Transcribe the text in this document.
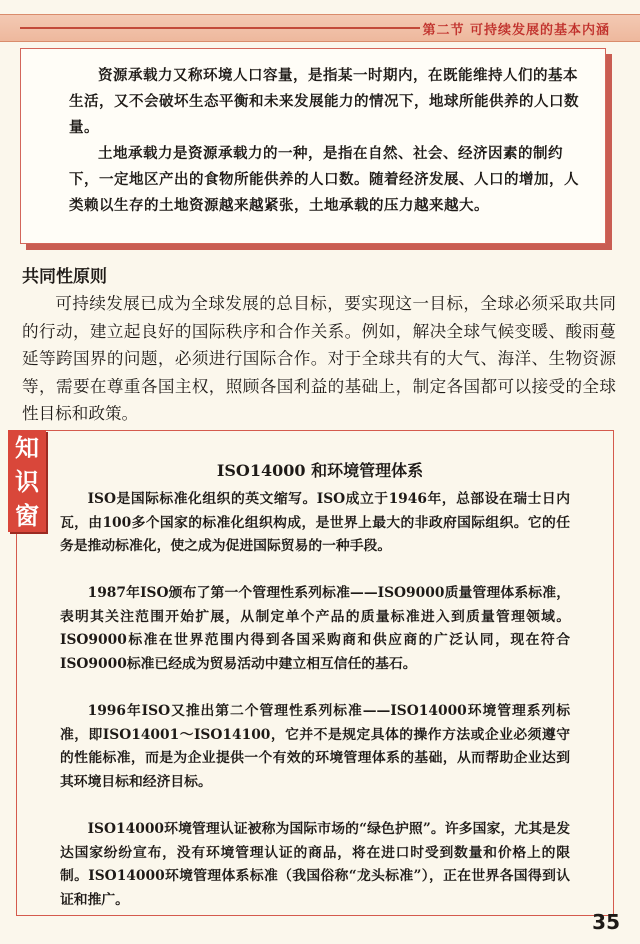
第二节 可持续发展的基本内涵

资源承载力又称环境人口容量，是指某一时期内，在既能维持人们的基本生活，又不会破坏生态平衡和未来发展能力的情况下，地球所能供养的人口数量。

土地承载力是资源承载力的一种，是指在自然、社会、经济因素的制约下，一定地区产出的食物所能供养的人口数。随着经济发展、人口的增加，人类赖以生存的土地资源越来越紧张，土地承载的压力越来越大。

共同性原则

可持续发展已成为全球发展的总目标，要实现这一目标，全球必须采取共同的行动，建立起良好的国际秩序和合作关系。例如，解决全球气候变暖、酸雨蔓延等跨国界的问题，必须进行国际合作。对于全球共有的大气、海洋、生物资源等，需要在尊重各国主权，照顾各国利益的基础上，制定各国都可以接受的全球性目标和政策。

知
识
窗
ISO14000 和环境管理体系

ISO是国际标准化组织的英文缩写。ISO成立于1946年，总部设在瑞士日内瓦，由100多个国家的标准化组织构成，是世界上最大的非政府国际组织。它的任务是推动标准化，使之成为促进国际贸易的一种手段。

1987年ISO颁布了第一个管理性系列标准——ISO9000质量管理体系标准，表明其关注范围开始扩展，从制定单个产品的质量标准进入到质量管理领域。ISO9000标准在世界范围内得到各国采购商和供应商的广泛认同，现在符合ISO9000标准已经成为贸易活动中建立相互信任的基石。

1996年ISO又推出第二个管理性系列标准——ISO14000环境管理系列标准，即ISO14001～ISO14100，它并不是规定具体的操作方法或企业必须遵守的性能标准，而是为企业提供一个有效的环境管理体系的基础，从而帮助企业达到其环境目标和经济目标。

ISO14000环境管理认证被称为国际市场的“绿色护照”。许多国家，尤其是发达国家纷纷宣布，没有环境管理认证的商品，将在进口时受到数量和价格上的限制。ISO14000环境管理体系标准（我国俗称“龙头标准”），正在世界各国得到认证和推广。

35
